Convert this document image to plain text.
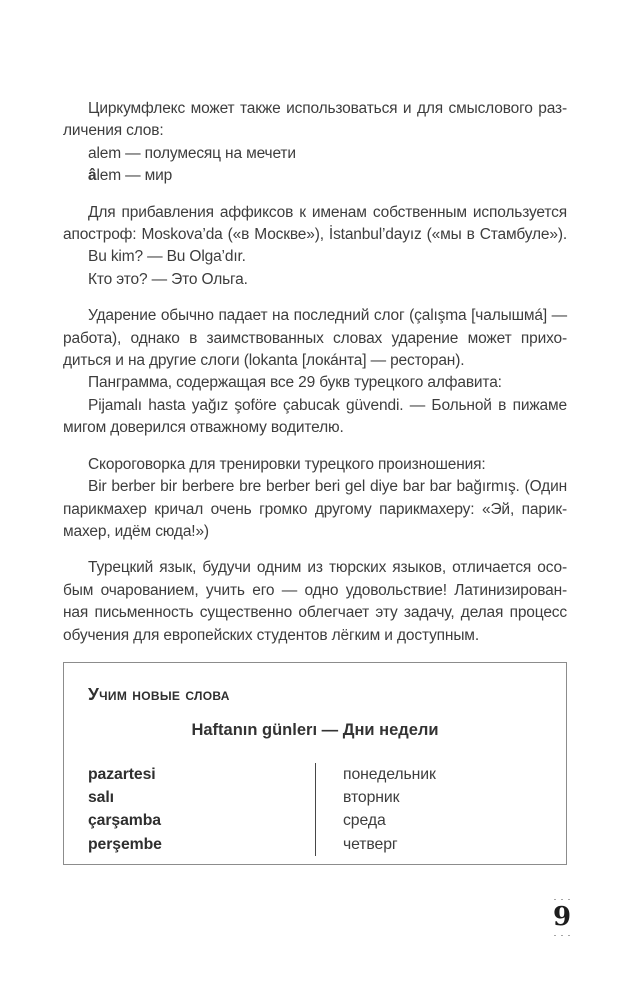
Циркумфлекс может также использоваться и для смыслового раз-
личения слов:
alem — полумесяц на мечети
âlem — мир
Для прибавления аффиксов к именам собственным используется
апостроф: Moskova’da («в Москве»), İstanbul’dayız («мы в Стамбуле»).
Bu kim? — Bu Olga’dır.
Кто это? — Это Ольга.
Ударение обычно падает на последний слог (çalışma [чалышмá] —
работа), однако в заимствованных словах ударение может прихо-
диться и на другие слоги (lokanta [локáнта] — ресторан).
Панграмма, содержащая все 29 букв турецкого алфавита:
Pijamalı hasta yağız şoföre çabucak güvendi. — Больной в пижаме
мигом доверился отважному водителю.
Скороговорка для тренировки турецкого произношения:
Bir berber bir berbere bre berber beri gel diye bar bar bağırmış. (Один
парикмахер кричал очень громко другому парикмахеру: «Эй, парик-
махер, идём сюда!»)
Турецкий язык, будучи одним из тюрских языков, отличается осо-
бым очарованием, учить его — одно удовольствие! Латинизирован-
ная письменность существенно облегчает эту задачу, делая процесс
обучения для европейских студентов лёгким и доступным.
Учим новые слова
Haftanın günlerı — Дни недели
pazartesi
salı
çarşamba
perşembe
понедельник
вторник
среда
четверг
···
9
···
